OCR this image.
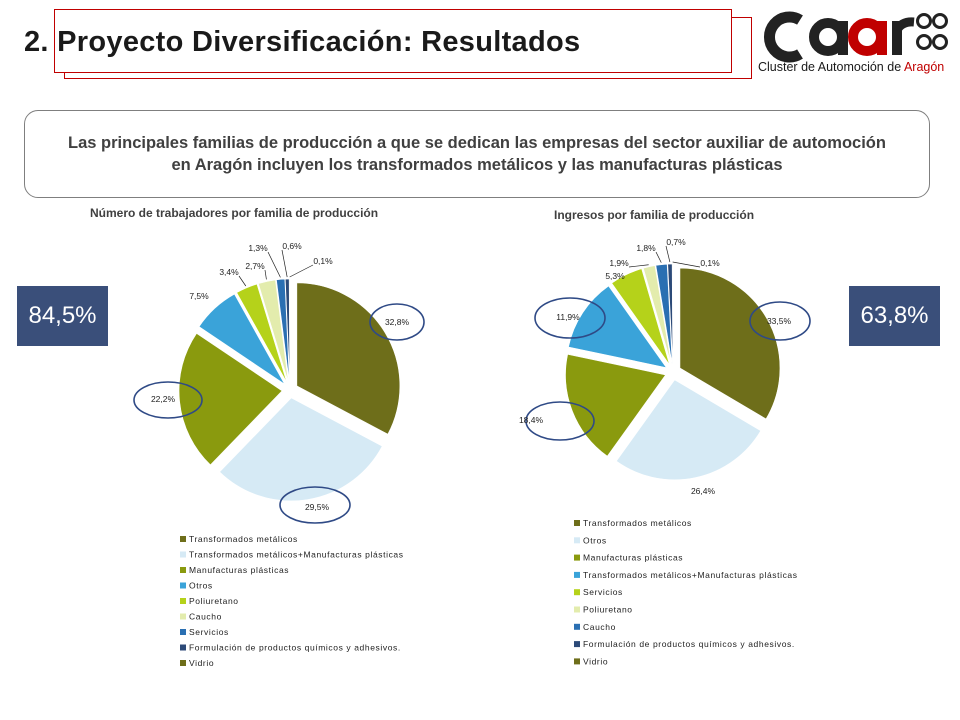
2. Proyecto Diversificación: Resultados
Cluster de Automoción de Aragón
Las principales familias de producción a que se dedican las empresas del sector auxiliar de automoción en Aragón incluyen los transformados metálicos y las manufacturas plásticas
Número de trabajadores por familia de producción	Ingresos por familia de producción
84,5%	63,8%
32,8%
29,5%
22,2%
7,5%
3,4%
2,7%
1,3% 0,6%
0,1%
Transformados metálicos
Transformados metálicos+Manufacturas plásticas
Manufacturas plásticas
Otros
Poliuretano
Caucho
Servicios
Formulación de productos químicos y adhesivos.
Vidrio
33,5%
26,4%
18,4%
11,9%
5,3%
1,9%
1,8%
0,7%
0,1%
Transformados metálicos
Otros
Manufacturas plásticas
Transformados metálicos+Manufacturas plásticas
Servicios
Poliuretano
Caucho
Formulación de productos químicos y adhesivos.
Vidrio
